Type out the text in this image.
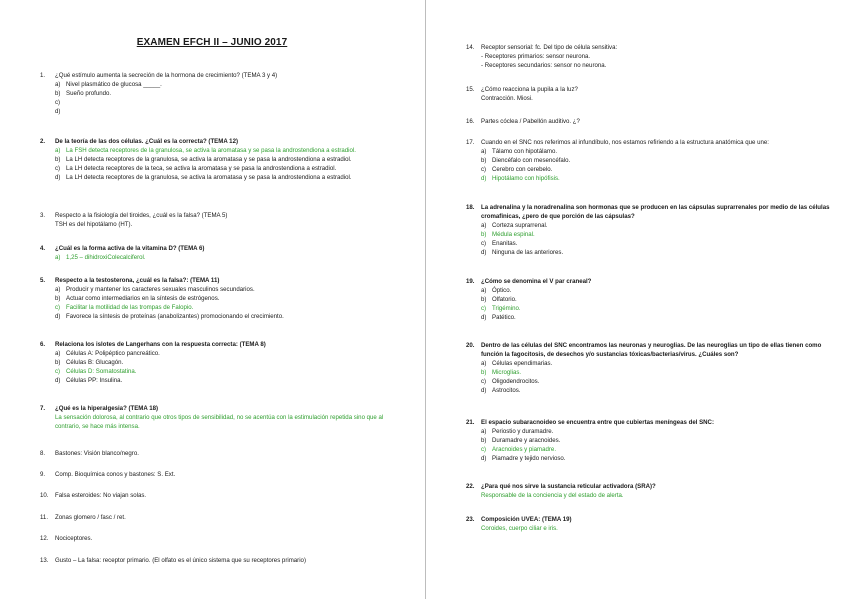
EXAMEN EFCH II – JUNIO 2017
1.	¿Qué estímulo aumenta la secreción de la hormona de crecimiento? (TEMA 3 y 4)
a) Nivel plasmático de glucosa _____.
b) Sueño profundo.
c)
d)
2.	De la teoría de las dos células. ¿Cuál es la correcta? (TEMA 12)
a) La FSH detecta receptores de la granulosa, se activa la aromatasa y se pasa la androstendiona a estradiol.
b) La LH detecta receptores de la granulosa, se activa la aromatasa y se pasa la androstendiona a estradiol.
c) La LH detecta receptores de la teca, se activa la aromatasa y se pasa la androstendiona a estradiol.
d) La LH detecta receptores de la granulosa, se activa la aromatasa y se pasa la androstendiona a estradiol.
3.	Respecto a la fisiología del tiroides, ¿cuál es la falsa? (TEMA 5)
TSH es del hipotálamo (HT).
4.	¿Cuál es la forma activa de la vitamina D? (TEMA 6)
a) 1,25 – dihidroxiColecalciferol.
5.	Respecto a la testosterona, ¿cuál es la falsa?: (TEMA 11)
a) Producir y mantener los caracteres sexuales masculinos secundarios.
b) Actuar como intermediarios en la síntesis de estrógenos.
c) Facilitar la motilidad de las trompas de Falopio.
d) Favorece la síntesis de proteínas (anabolizantes) promocionando el crecimiento.
6.	Relaciona los islotes de Langerhans con la respuesta correcta: (TEMA 8)
a) Células A: Polipéptico pancreático.
b) Células B: Glucagón.
c) Células D: Somatostatina.
d) Células PP: Insulina.
7.	¿Qué es la hiperalgesia? (TEMA 18)
La sensación dolorosa, al contrario que otros tipos de sensibilidad, no se acentúa con la estimulación repetida sino que al contrario, se hace más intensa.
8.	Bastones: Visión blanco/negro.
9.	Comp. Bioquímica conos y bastones: S. Ext.
10.	Falsa esteroides: No viajan solas.
11.	Zonas glomero / fasc / ret.
12.	Nociceptores.
13.	Gusto – La falsa: receptor primario. (El olfato es el único sistema que su receptores primario)
14.	Receptor sensorial: fc. Del tipo de célula sensitiva:
- Receptores primarios: sensor neurona.
- Receptores secundarios: sensor no neurona.
15.	¿Cómo reacciona la pupila a la luz?
Contracción. Miosi.
16.	Partes cóclea / Pabellón auditivo. ¿?
17.	Cuando en el SNC nos referimos al infundíbulo, nos estamos refiriendo a la estructura anatómica que une:
a) Tálamo con hipotálamo.
b) Diencéfalo con mesencéfalo.
c) Cerebro con cerebelo.
d) Hipotálamo con hipófisis.
18.	La adrenalina y la noradrenalina son hormonas que se producen en las cápsulas suprarrenales por medio de las células cromafinicas, ¿pero de que porción de las cápsulas?
a) Corteza suprarrenal.
b) Médula espinal.
c) Enanitas.
d) Ninguna de las anteriores.
19.	¿Cómo se denomina el V par craneal?
a) Óptico.
b) Olfatorio.
c) Trigémino.
d) Patético.
20.	Dentro de las células del SNC encontramos las neuronas y neuroglias. De las neuroglias un tipo de ellas tienen como función la fagocitosis, de desechos y/o sustancias tóxicas/bacterias/virus. ¿Cuáles son?
a) Células ependimarias.
b) Microglias.
c) Oligodendrocitos.
d) Astrocitos.
21.	El espacio subaracnoideo se encuentra entre que cubiertas meníngeas del SNC:
a) Periostio y duramadre.
b) Duramadre y aracnoides.
c) Aracnoides y piamadre.
d) Piamadre y tejido nervioso.
22.	¿Para qué nos sirve la sustancia reticular activadora (SRA)?
Responsable de la conciencia y del estado de alerta.
23.	Composición UVEA: (TEMA 19)
Coroides, cuerpo ciliar e iris.
